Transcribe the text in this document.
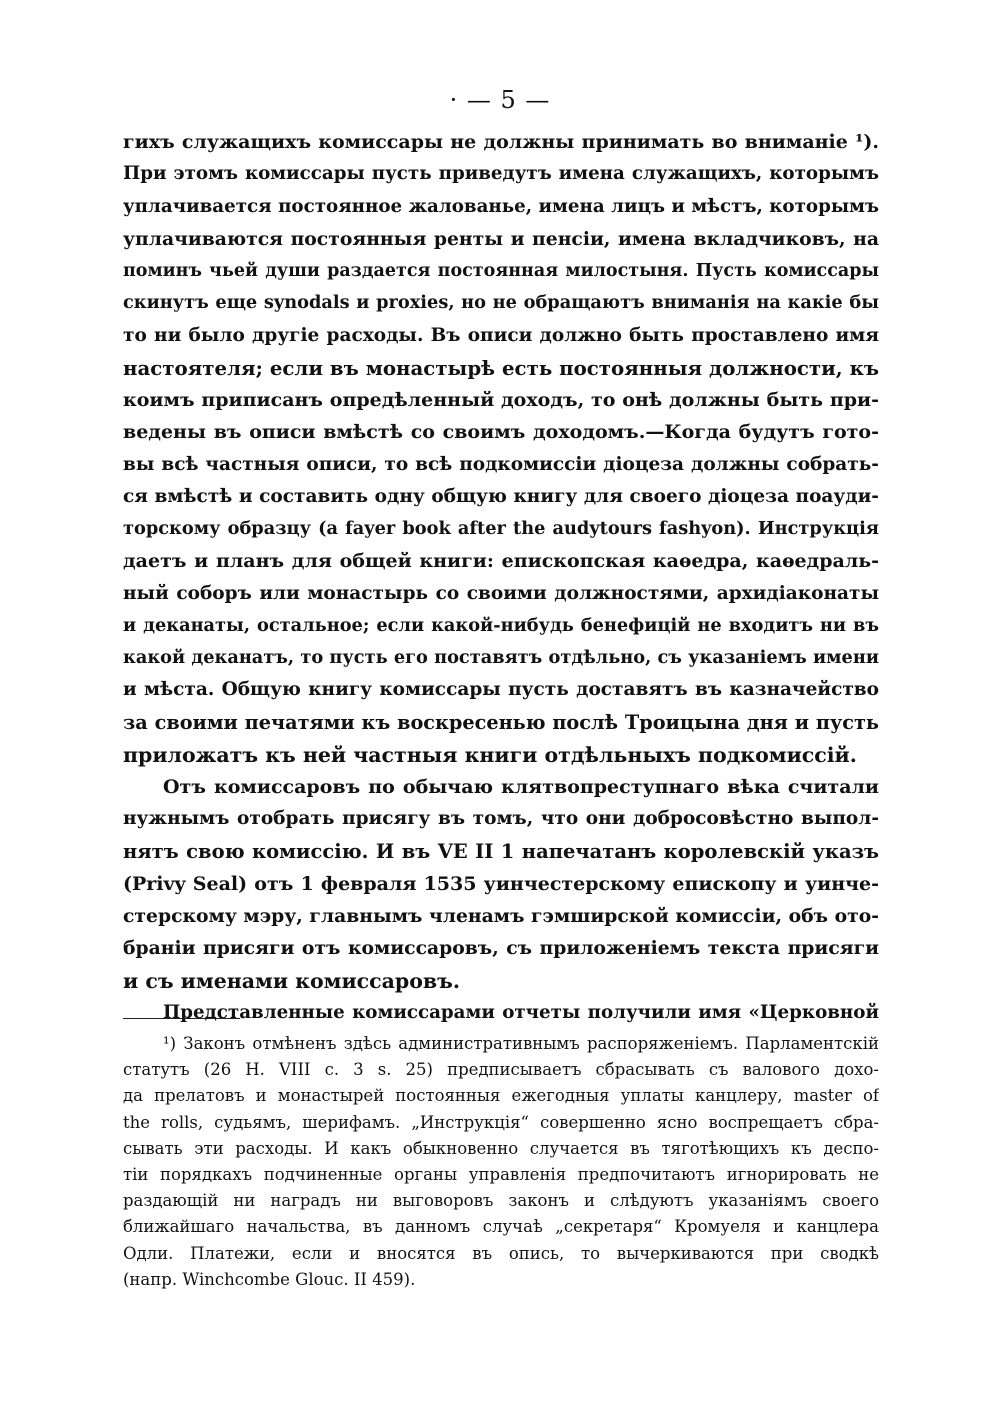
· — 5 —
гихъ служащихъ комиссары не должны принимать во вниманіе ¹).
При этомъ комиссары пусть приведутъ имена служащихъ, которымъ
уплачивается постоянное жалованье, имена лицъ и мѣстъ, которымъ
уплачиваются постоянныя ренты и пенсіи, имена вкладчиковъ, на
поминъ чьей души раздается постоянная милостыня. Пусть комиссары
скинутъ еще synodals и proxies, но не обращаютъ вниманія на какіе бы
то ни было другіе расходы. Въ описи должно быть проставлено имя
настоятеля; если въ монастырѣ есть постоянныя должности, къ
коимъ приписанъ опредѣленный доходъ, то онѣ должны быть при-
ведены въ описи вмѣстѣ со своимъ доходомъ.—Когда будутъ гото-
вы всѣ частныя описи, то всѣ подкомиссіи діоцеза должны собрать-
ся вмѣстѣ и составить одну общую книгу для своего діоцеза поауди-
торскому образцу (a fayer book after the audytours fashyon). Инструкція
даетъ и планъ для общей книги: епископская каѳедра, каѳедраль-
ный соборъ или монастырь со своими должностями, архидіаконаты
и деканаты, остальное; если какой-нибудь бенефицій не входитъ ни въ
какой деканатъ, то пусть его поставятъ отдѣльно, съ указаніемъ имени
и мѣста. Общую книгу комиссары пусть доставятъ въ казначейство
за своими печатями къ воскресенью послѣ Троицына дня и пусть
приложатъ къ ней частныя книги отдѣльныхъ подкомиссій.
Отъ комиссаровъ по обычаю клятвопреступнаго вѣка считали
нужнымъ отобрать присягу въ томъ, что они добросовѣстно выпол-
нятъ свою комиссію. И въ VE II 1 напечатанъ королевскій указъ
(Privy Seal) отъ 1 февраля 1535 уинчестерскому епископу и уинче-
стерскому мэру, главнымъ членамъ гэмширской комиссіи, объ ото-
браніи присяги отъ комиссаровъ, съ приложеніемъ текста присяги
и съ именами комиссаровъ.
Представленные комиссарами отчеты получили имя «Церковной
¹) Законъ отмѣненъ здѣсь административнымъ распоряженіемъ. Парламентскій
статутъ (26 H. VIII c. 3 s. 25) предписываетъ сбрасывать съ валового дохо-
да прелатовъ и монастырей постоянныя ежегодныя уплаты канцлеру, master of
the rolls, судьямъ, шерифамъ. „Инструкція“ совершенно ясно воспрещаетъ сбра-
сывать эти расходы. И какъ обыкновенно случается въ тяготѣющихъ къ деспо-
тіи порядкахъ подчиненные органы управленія предпочитаютъ игнорировать не
раздающій ни наградъ ни выговоровъ законъ и слѣдуютъ указаніямъ своего
ближайшаго начальства, въ данномъ случаѣ „секретаря“ Кромуеля и канцлера
Одли. Платежи, если и вносятся въ опись, то вычеркиваются при сводкѣ
(напр. Winchcombe Glouc. II 459).
